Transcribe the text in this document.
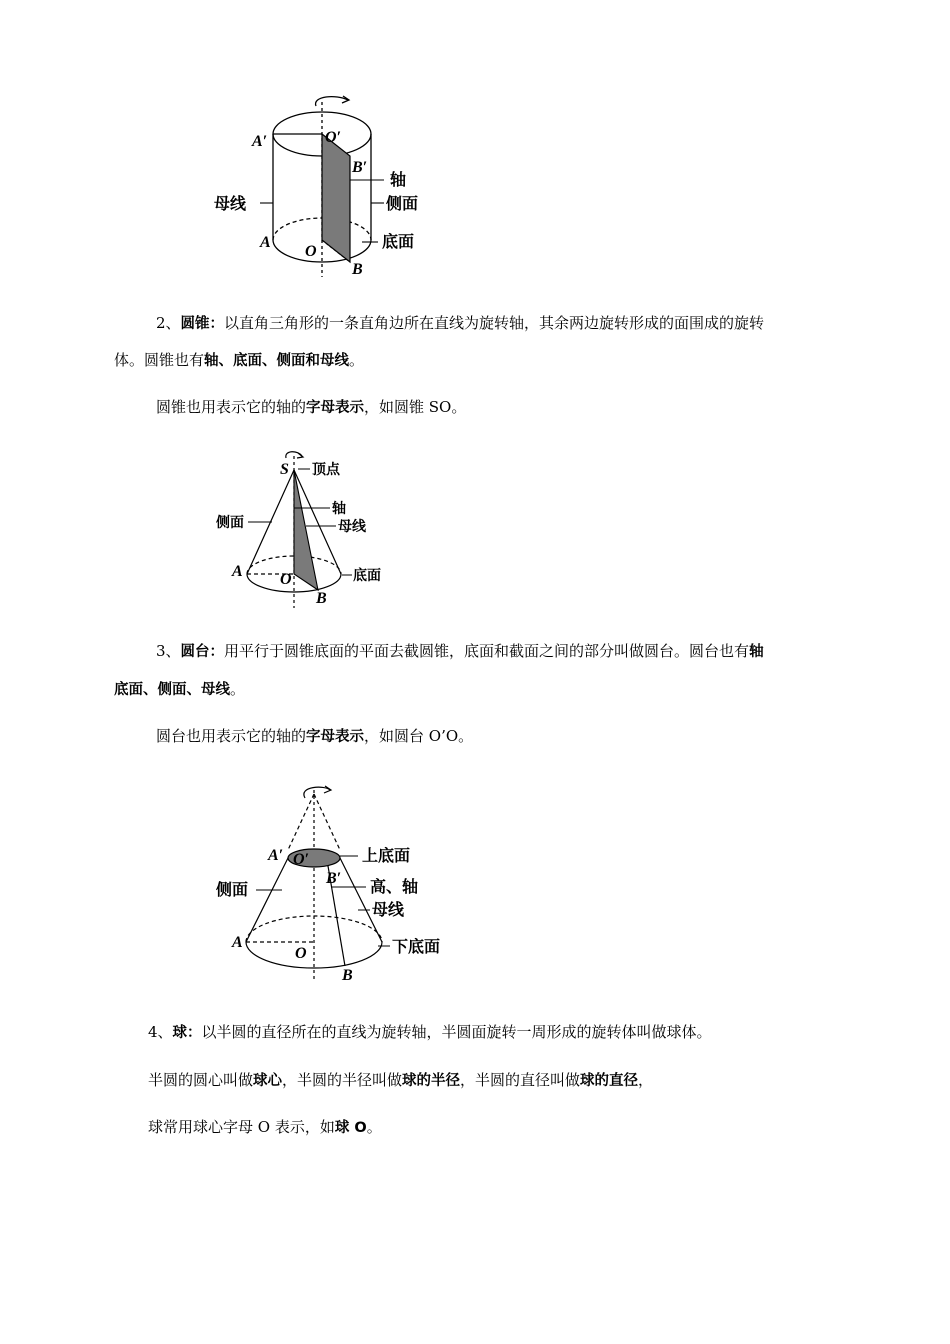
A′	O′
B′
A
O
B
轴
侧面
母线
底面
2、圆锥：以直角三角形的一条直角边所在直线为旋转轴，其余两边旋转形成的面围成的旋转
体。圆锥也有轴、底面、侧面和母线。
圆锥也用表示它的轴的字母表示，如圆锥 SO。
S
A O
B
顶点
轴
侧面	母线
底面
3、圆台：用平行于圆锥底面的平面去截圆锥，底面和截面之间的部分叫做圆台。圆台也有轴
底面、侧面、母线。
圆台也用表示它的轴的字母表示，如圆台 O’O。
A′ O′
B′
A
O
B
上底面
侧面	高、轴
母线
下底面
4、球：以半圆的直径所在的直线为旋转轴，半圆面旋转一周形成的旋转体叫做球体。
半圆的圆心叫做球心，半圆的半径叫做球的半径，半圆的直径叫做球的直径，
球常用球心字母 O 表示，如球 O。
